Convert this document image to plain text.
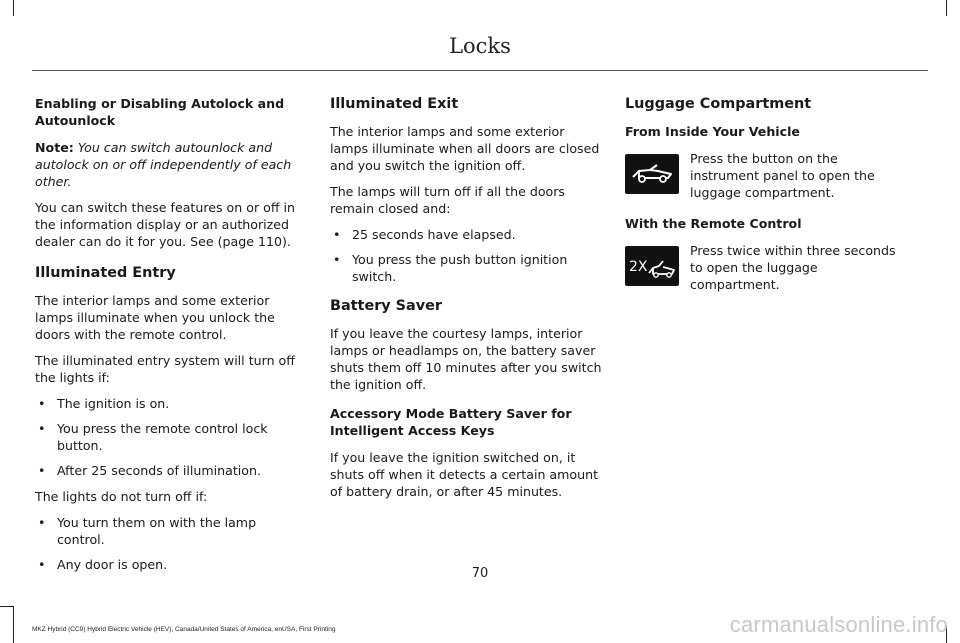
Locks
Enabling or Disabling Autolock and Autounlock

Note: You can switch autounlock and autolock on or off independently of each other.

You can switch these features on or off in the information display or an authorized dealer can do it for you. See (page 110).

Illuminated Entry

The interior lamps and some exterior lamps illuminate when you unlock the doors with the remote control.

The illuminated entry system will turn off the lights if:

• The ignition is on.
• You press the remote control lock button.
• After 25 seconds of illumination.

The lights do not turn off if:

• You turn them on with the lamp control.
• Any door is open.
Illuminated Exit

The interior lamps and some exterior lamps illuminate when all doors are closed and you switch the ignition off.

The lamps will turn off if all the doors remain closed and:

• 25 seconds have elapsed.
• You press the push button ignition switch.
Battery Saver

If you leave the courtesy lamps, interior lamps or headlamps on, the battery saver shuts them off 10 minutes after you switch the ignition off.

Accessory Mode Battery Saver for Intelligent Access Keys

If you leave the ignition switched on, it shuts off when it detects a certain amount of battery drain, or after 45 minutes.

Luggage Compartment
From Inside Your Vehicle
Press the button on the instrument panel to open the luggage compartment.
With the Remote Control
2X
Press twice within three seconds to open the luggage compartment.
70
MKZ Hybrid (CC9) Hybrid Electric Vehicle (HEV), Canada/United States of America, enUSA, First Printing	carmanualsonline.info
